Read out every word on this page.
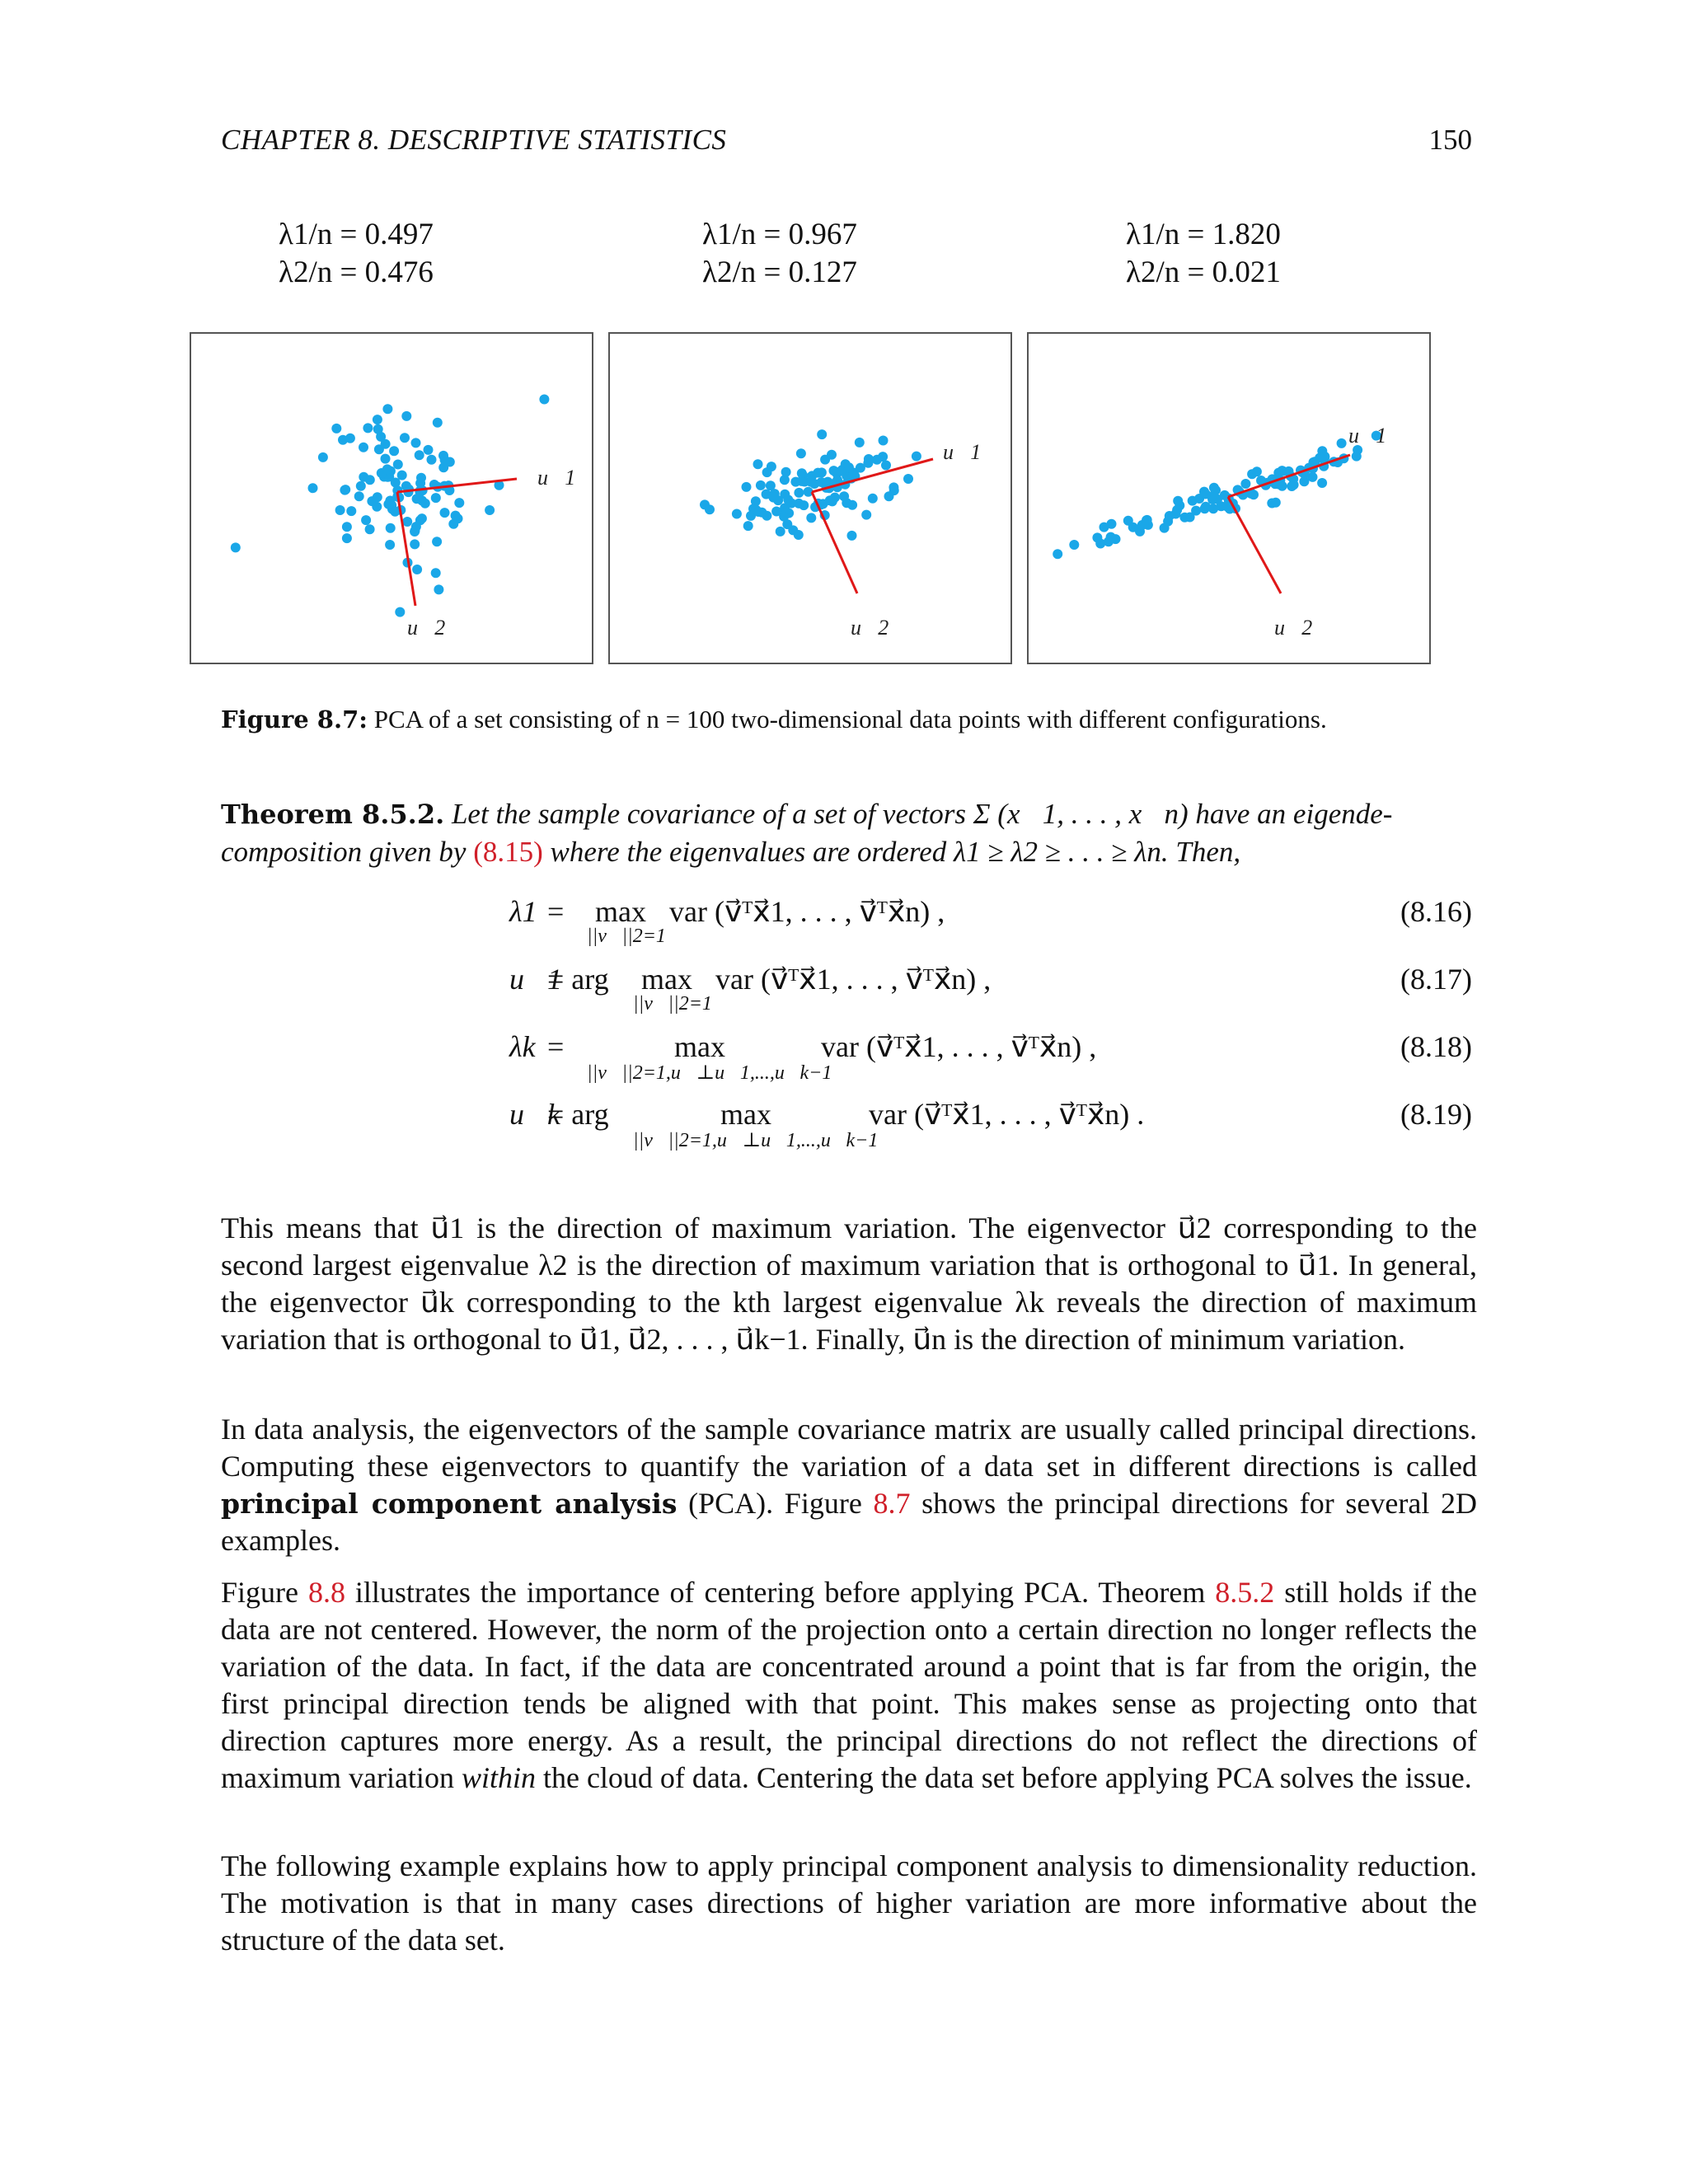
CHAPTER 8. DESCRIPTIVE STATISTICS	150
λ1/n = 0.497
λ2/n = 0.476
λ1/n = 0.967
λ2/n = 0.127
λ1/n = 1.820
λ2/n = 0.021
u⃗1
u⃗2
u⃗1
u⃗2
u⃗1
u⃗2
Figure 8.7: PCA of a set consisting of n = 100 two-dimensional data points with different configurations.
Theorem 8.5.2. Let the sample covariance of a set of vectors Σ (x⃗1, . . . , x⃗n) have an eigende-composition given by (8.15) where the eigenvalues are ordered λ1 ≥ λ2 ≥ . . . ≥ λn. Then,
λ1 = max
||v⃗||2=1
var (v⃗ᵀx⃗1, . . . , v⃗ᵀx⃗n) ,	(8.16)
u⃗1
= arg max
||v⃗||2=1
var (v⃗ᵀx⃗1, . . . , v⃗ᵀx⃗n) ,	(8.17)
λk =	max
||v⃗||2=1,u⃗⊥u⃗1,...,u⃗k−1
var (v⃗ᵀx⃗1, . . . , v⃗ᵀx⃗n) ,	(8.18)
u⃗k
= arg	max
||v⃗||2=1,u⃗⊥u⃗1,...,u⃗k−1
var (v⃗ᵀx⃗1, . . . , v⃗ᵀx⃗n) .	(8.19)
This means that u⃗1 is the direction of maximum variation. The eigenvector u⃗2 corresponding to the second largest eigenvalue λ2 is the direction of maximum variation that is orthogonal to u⃗1. In general, the eigenvector u⃗k corresponding to the kth largest eigenvalue λk reveals the direction of maximum variation that is orthogonal to u⃗1, u⃗2, . . . , u⃗k−1. Finally, u⃗n is the direction of minimum variation.
In data analysis, the eigenvectors of the sample covariance matrix are usually called principal directions. Computing these eigenvectors to quantify the variation of a data set in different directions is called principal component analysis (PCA). Figure 8.7 shows the principal directions for several 2D examples.
Figure 8.8 illustrates the importance of centering before applying PCA. Theorem 8.5.2 still holds if the data are not centered. However, the norm of the projection onto a certain direction no longer reflects the variation of the data. In fact, if the data are concentrated around a point that is far from the origin, the first principal direction tends be aligned with that point. This makes sense as projecting onto that direction captures more energy. As a result, the principal directions do not reflect the directions of maximum variation within the cloud of data. Centering the data set before applying PCA solves the issue.
The following example explains how to apply principal component analysis to dimensionality reduction. The motivation is that in many cases directions of higher variation are more informative about the structure of the data set.
